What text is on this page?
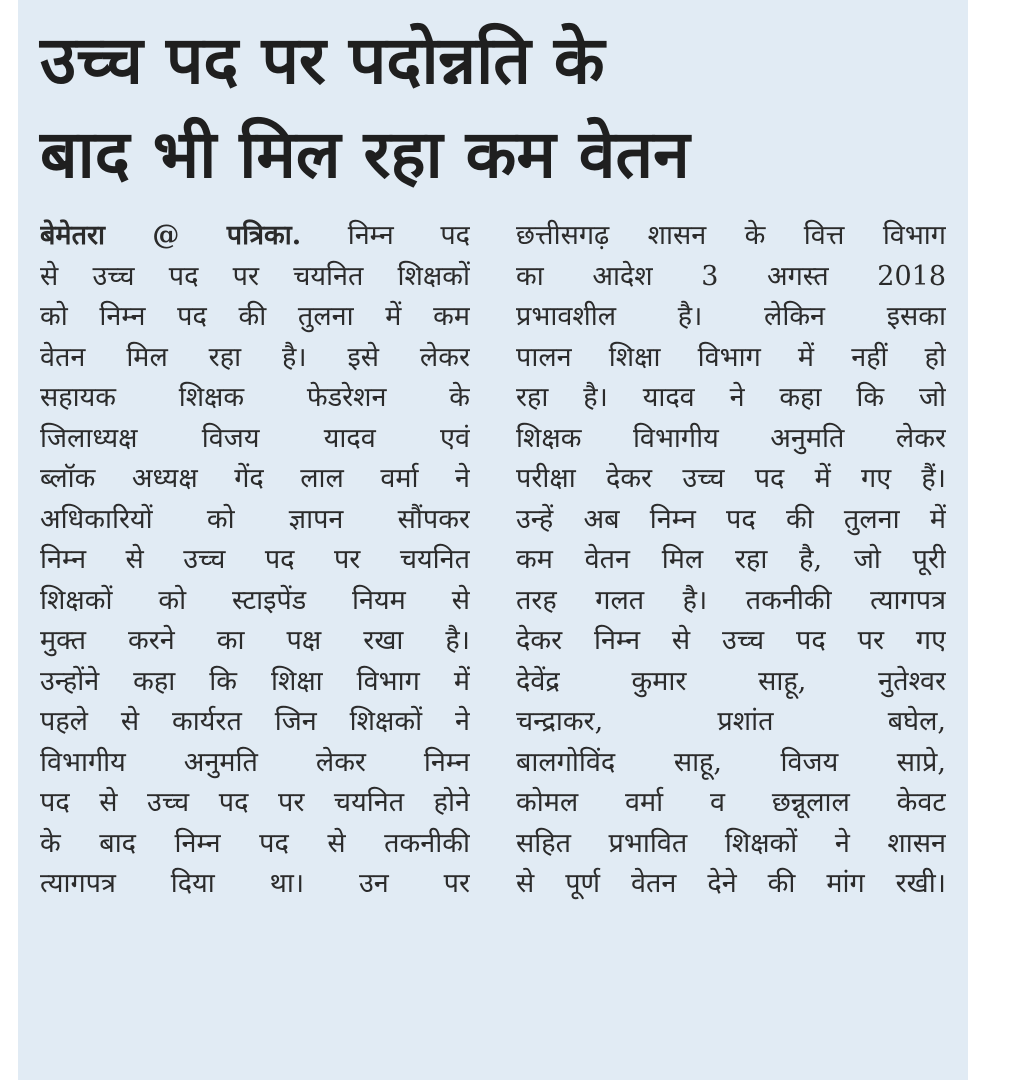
उच्च पद पर पदोन्नति के
बाद भी मिल रहा कम वेतन
बेमेतरा @ पत्रिका. निम्न पद
से उच्च पद पर चयनित शिक्षकों
को निम्न पद की तुलना में कम
वेतन मिल रहा है। इसे लेकर
सहायक शिक्षक फेडरेशन के
जिलाध्यक्ष विजय यादव एवं
ब्लॉक अध्यक्ष गेंद लाल वर्मा ने
अधिकारियों को ज्ञापन सौंपकर
निम्न से उच्च पद पर चयनित
शिक्षकों को स्टाइपेंड नियम से
मुक्त करने का पक्ष रखा है।
उन्होंने कहा कि शिक्षा विभाग में
पहले से कार्यरत जिन शिक्षकों ने
विभागीय अनुमति लेकर निम्न
पद से उच्च पद पर चयनित होने
के बाद निम्न पद से तकनीकी
त्यागपत्र दिया था। उन पर
छत्तीसगढ़ शासन के वित्त विभाग
का आदेश 3 अगस्त 2018
प्रभावशील है। लेकिन इसका
पालन शिक्षा विभाग में नहीं हो
रहा है। यादव ने कहा कि जो
शिक्षक विभागीय अनुमति लेकर
परीक्षा देकर उच्च पद में गए हैं।
उन्हें अब निम्न पद की तुलना में
कम वेतन मिल रहा है, जो पूरी
तरह गलत है। तकनीकी त्यागपत्र
देकर निम्न से उच्च पद पर गए
देवेंद्र कुमार साहू, नुतेश्वर
चन्द्राकर, प्रशांत बघेल,
बालगोविंद साहू, विजय साप्रे,
कोमल वर्मा व छन्नूलाल केवट
सहित प्रभावित शिक्षकों ने शासन
से पूर्ण वेतन देने की मांग रखी।
